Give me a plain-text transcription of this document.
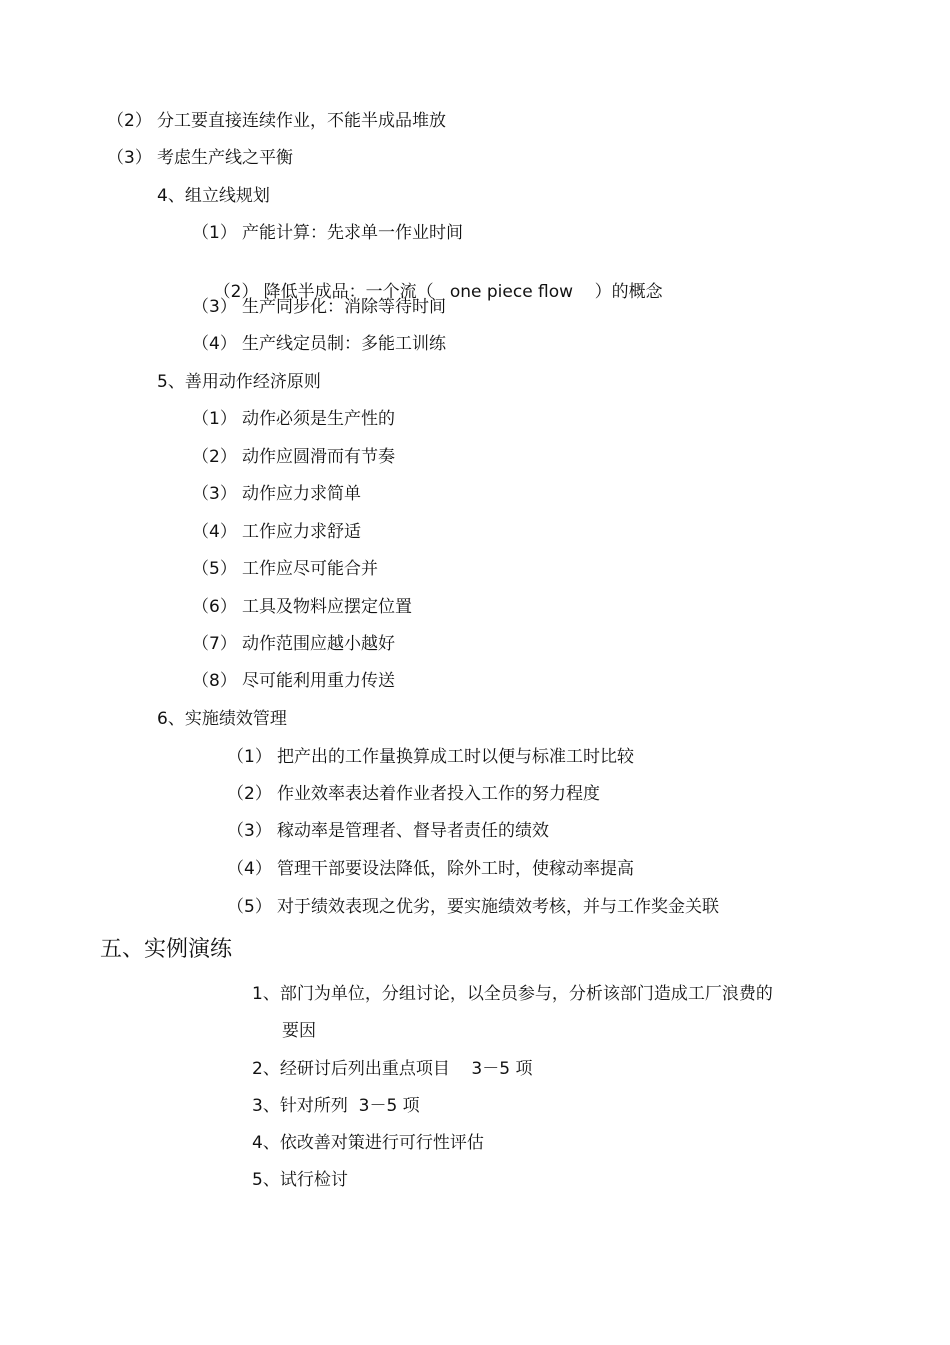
（2） 分工要直接连续作业，不能半成品堆放
（3） 考虑生产线之平衡
4、组立线规划
（1） 产能计算：先求单一作业时间

（2） 降低半成品：一个流（   one piece flow    ）的概念

（3） 生产同步化：消除等待时间
（4） 生产线定员制：多能工训练
5、善用动作经济原则
（1） 动作必须是生产性的
（2） 动作应圆滑而有节奏
（3） 动作应力求简单
（4） 工作应力求舒适
（5） 工作应尽可能合并
（6） 工具及物料应摆定位置
（7） 动作范围应越小越好
（8） 尽可能利用重力传送
6、实施绩效管理
（1） 把产出的工作量换算成工时以便与标准工时比较
（2） 作业效率表达着作业者投入工作的努力程度
（3） 稼动率是管理者、督导者责任的绩效
（4） 管理干部要设法降低，除外工时，使稼动率提高
（5） 对于绩效表现之优劣，要实施绩效考核，并与工作奖金关联
五、实例演练
1、部门为单位，分组讨论，以全员参与，分析该部门造成工厂浪费的
要因
2、经研讨后列出重点项目    3－5 项
3、针对所列  3－5 项
4、依改善对策进行可行性评估
5、试行检讨
